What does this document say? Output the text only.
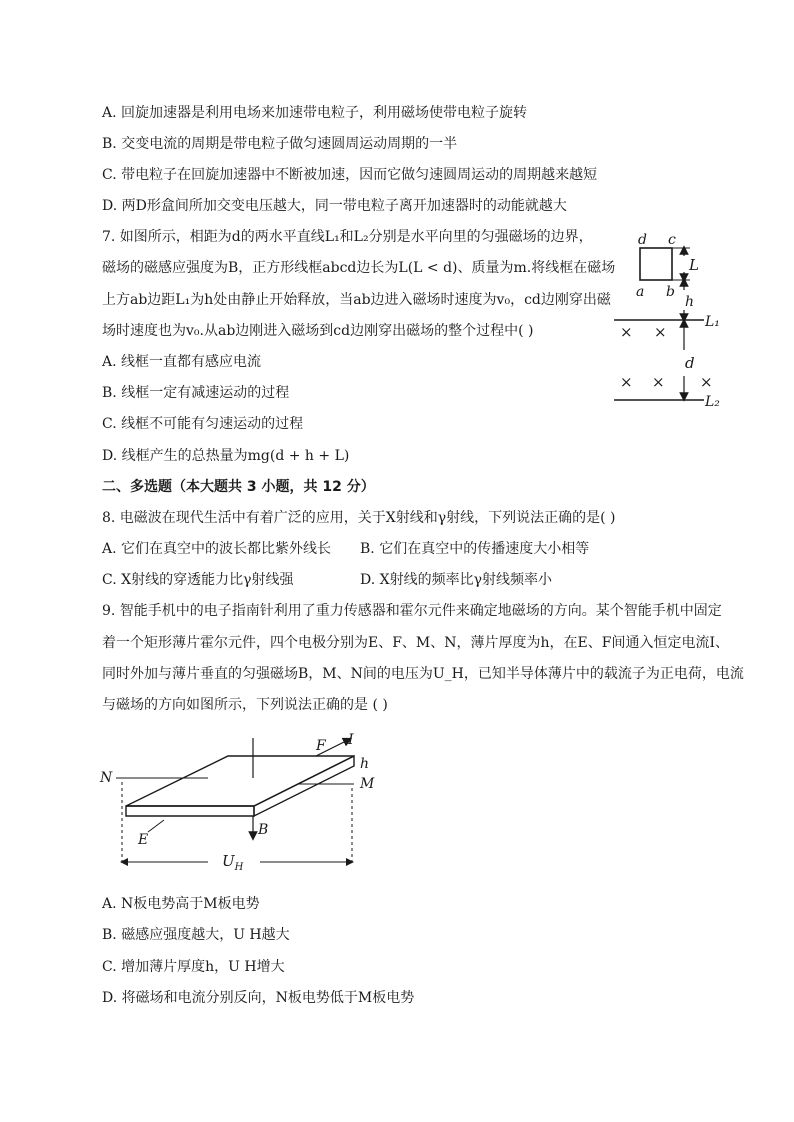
A. 回旋加速器是利用电场来加速带电粒子，利用磁场使带电粒子旋转
B. 交变电流的周期是带电粒子做匀速圆周运动周期的一半
C. 带电粒子在回旋加速器中不断被加速，因而它做匀速圆周运动的周期越来越短
D. 两D形盒间所加交变电压越大，同一带电粒子离开加速器时的动能就越大
7. 如图所示，相距为d的两水平直线L₁和L₂分别是水平向里的匀强磁场的边界，
磁场的磁感应强度为B，正方形线框abcd边长为L(L < d)、质量为m.将线框在磁场
上方ab边距L₁为h处由静止开始释放，当ab边进入磁场时速度为v₀，cd边刚穿出磁
场时速度也为v₀.从ab边刚进入磁场到cd边刚穿出磁场的整个过程中( )
A. 线框一直都有感应电流
B. 线框一定有减速运动的过程
C. 线框不可能有匀速运动的过程
D. 线框产生的总热量为mg(d + h + L)
d c
a b
L
h
L₁
× ×
× × ×
d
L₂
二、多选题（本大题共 3 小题，共 12 分）
8. 电磁波在现代生活中有着广泛的应用，关于X射线和γ射线，下列说法正确的是( )
A. 它们在真空中的波长都比紫外线长 B. 它们在真空中的传播速度大小相等
C. X射线的穿透能力比γ射线强	D. X射线的频率比γ射线频率小
9. 智能手机中的电子指南针利用了重力传感器和霍尔元件来确定地磁场的方向。某个智能手机中固定
着一个矩形薄片霍尔元件，四个电极分别为E、F、M、N，薄片厚度为h，在E、F间通入恒定电流I、
同时外加与薄片垂直的匀强磁场B，M、N间的电压为U_H，已知半导体薄片中的载流子为正电荷，电流
与磁场的方向如图所示，下列说法正确的是 ( )
B
F I
h
N	M
E
$U_H$
A. N板电势高于M板电势
B. 磁感应强度越大，U H越大
C. 增加薄片厚度h，U H增大
D. 将磁场和电流分别反向，N板电势低于M板电势
